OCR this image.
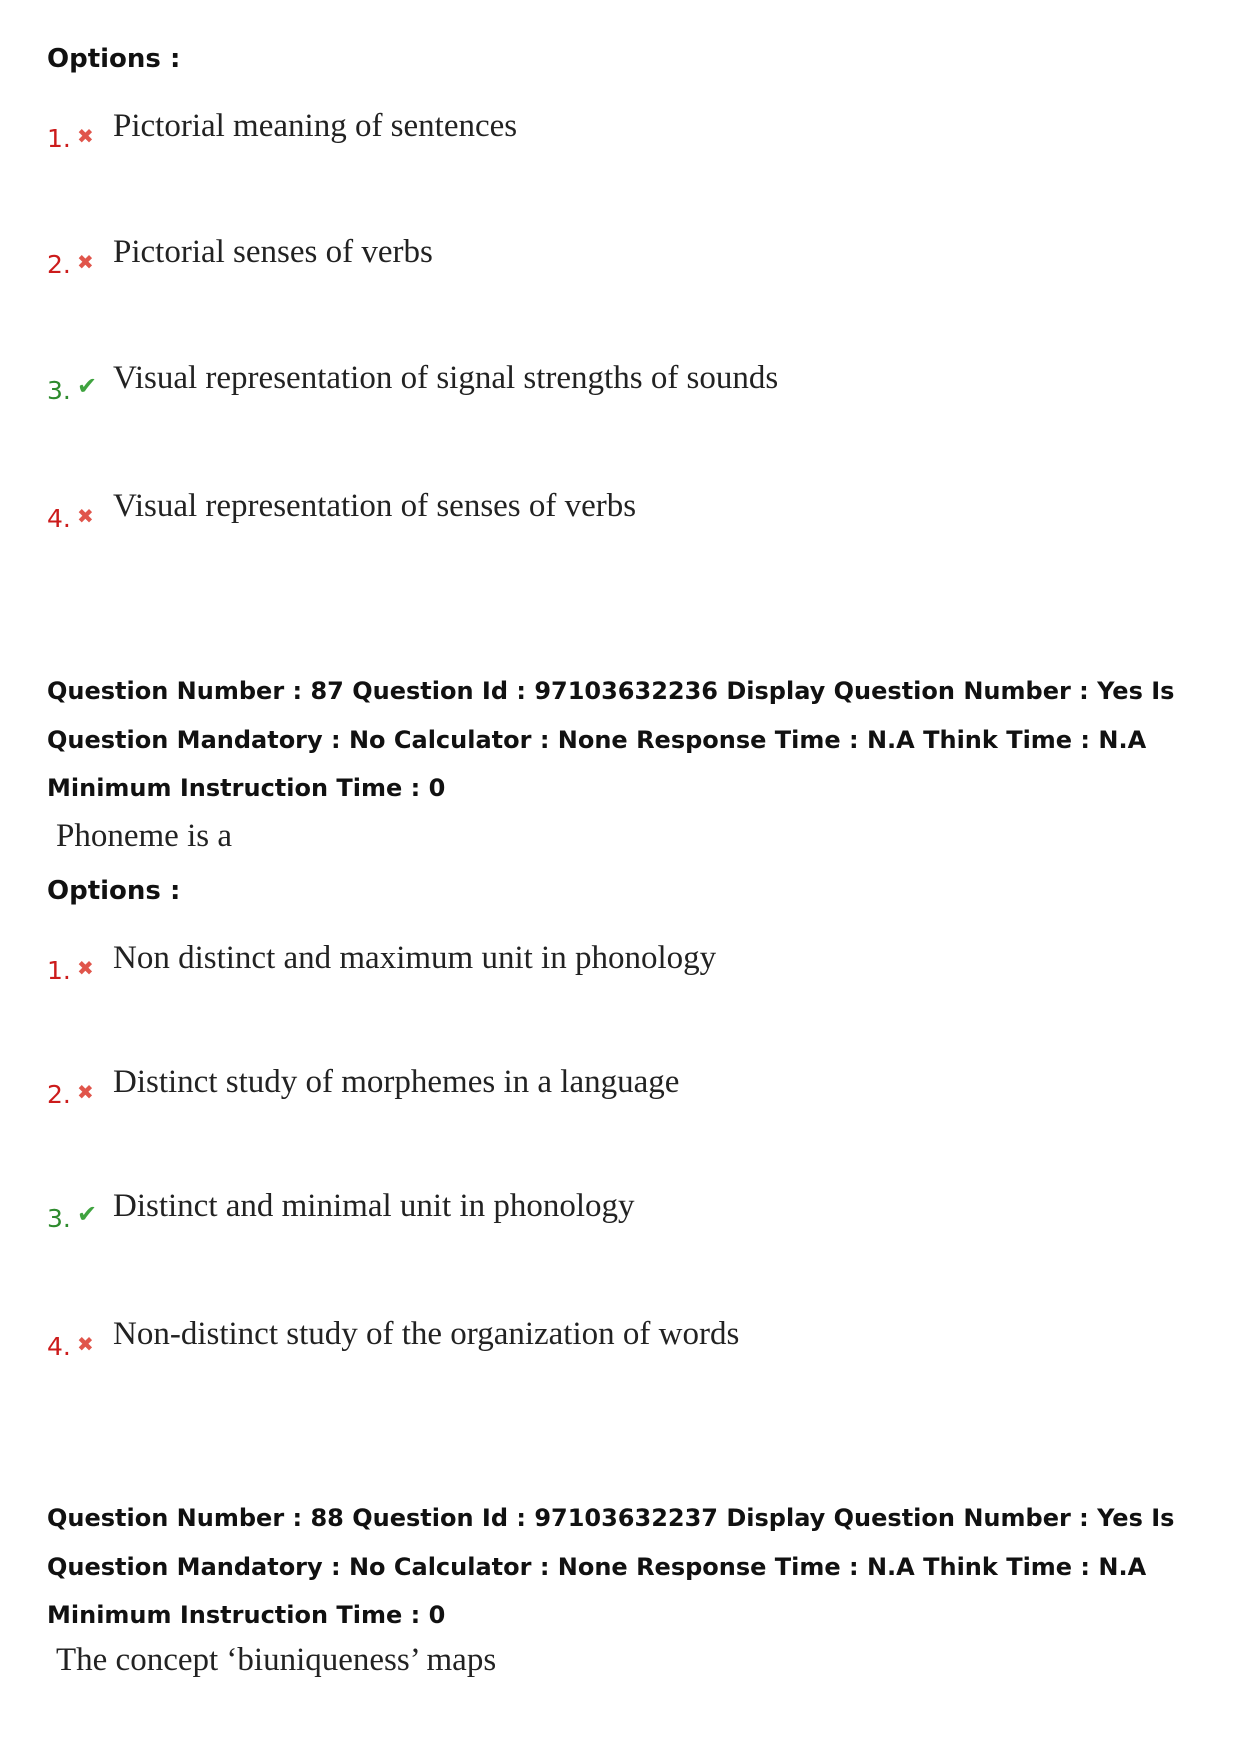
Options :
1. ✖ Pictorial meaning of sentences
2. ✖ Pictorial senses of verbs
3. ✔ Visual representation of signal strengths of sounds
4. ✖ Visual representation of senses of verbs
Question Number : 87 Question Id : 97103632236 Display Question Number : Yes Is Question Mandatory : No Calculator : None Response Time : N.A Think Time : N.A Minimum Instruction Time : 0
Phoneme is a
Options :
1. ✖ Non distinct and maximum unit in phonology
2. ✖ Distinct study of morphemes in a language
3. ✔ Distinct and minimal unit in phonology
4. ✖ Non-distinct study of the organization of words
Question Number : 88 Question Id : 97103632237 Display Question Number : Yes Is Question Mandatory : No Calculator : None Response Time : N.A Think Time : N.A Minimum Instruction Time : 0
The concept ‘biuniqueness’ maps
